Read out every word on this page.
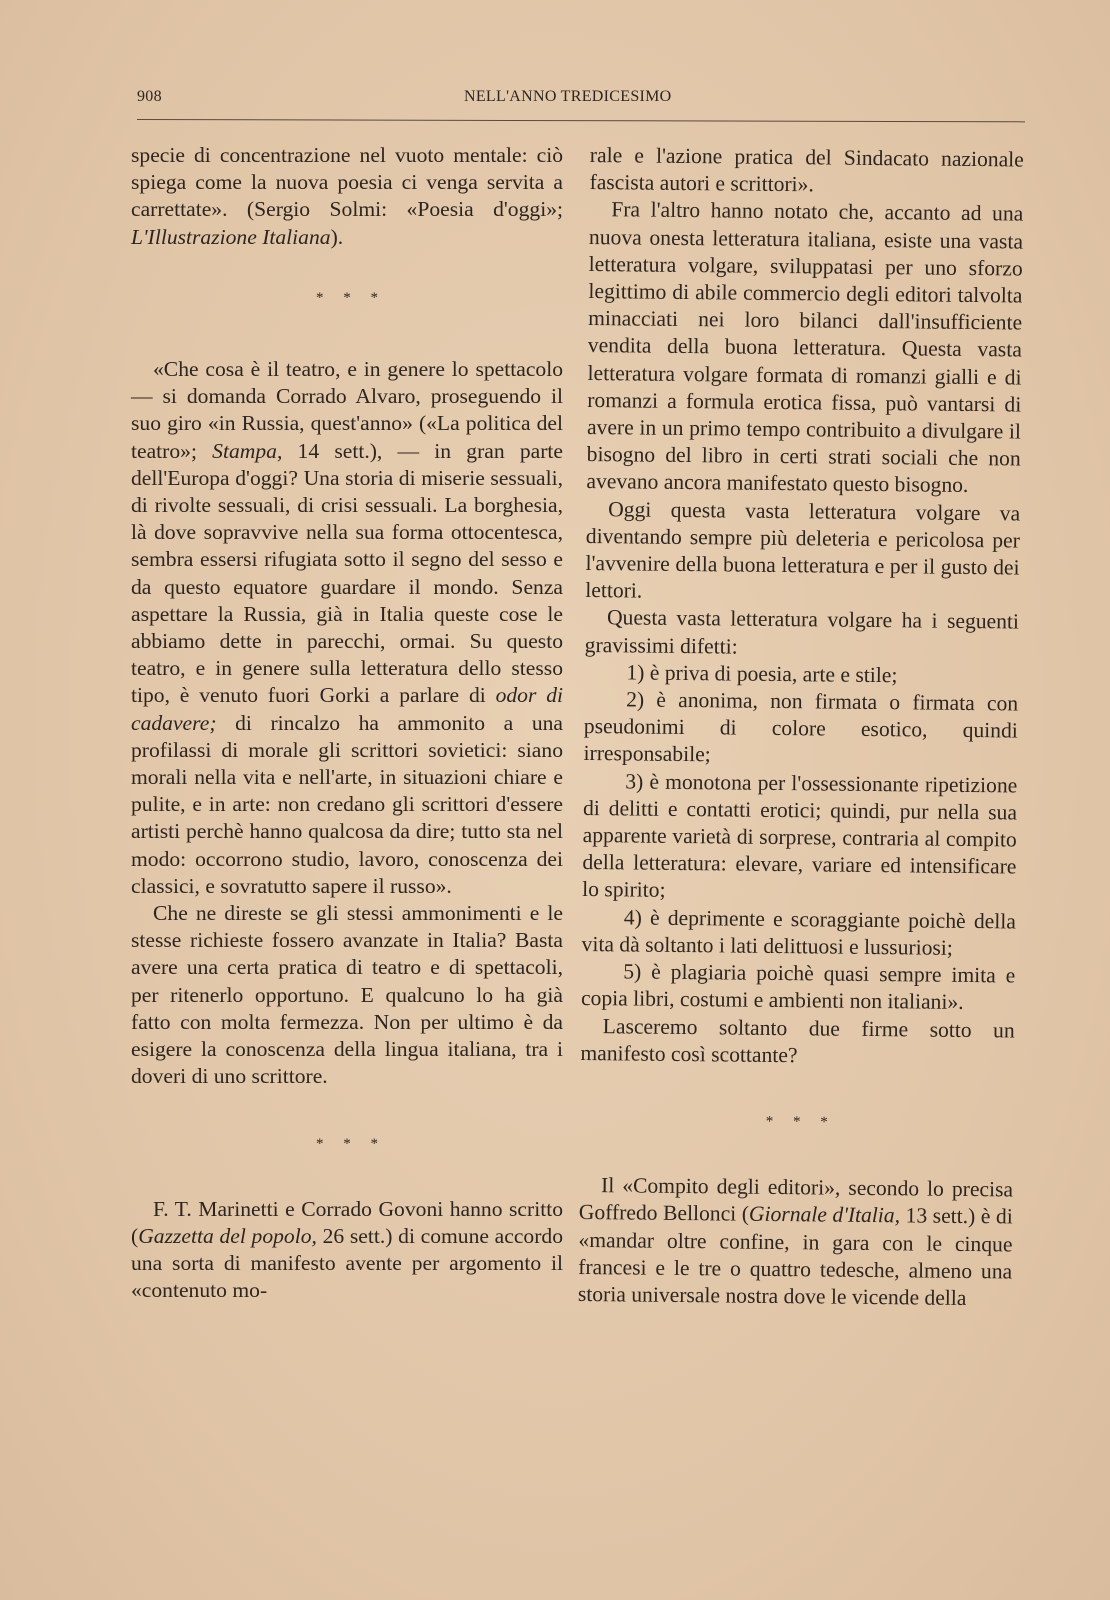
908	NELL'ANNO TREDICESIMO

specie di concentrazione nel vuoto mentale: ciò spiega come la nuova poesia ci venga servita a carrettate». (Sergio Solmi: «Poesia d'oggi»; L'Illustrazione Italiana).

* * *

«Che cosa è il teatro, e in genere lo spettacolo — si domanda Corrado Alvaro, proseguendo il suo giro «in Russia, quest'anno» («La politica del teatro»; Stampa, 14 sett.), — in gran parte dell'Europa d'oggi? Una storia di miserie sessuali, di rivolte sessuali, di crisi sessuali. La borghesia, là dove sopravvive nella sua forma ottocentesca, sembra essersi rifugiata sotto il segno del sesso e da questo equatore guardare il mondo. Senza aspettare la Russia, già in Italia queste cose le abbiamo dette in parecchi, ormai. Su questo teatro, e in genere sulla letteratura dello stesso tipo, è venuto fuori Gorki a parlare di odor di cadavere; di rincalzo ha ammonito a una profilassi di morale gli scrittori sovietici: siano morali nella vita e nell'arte, in situazioni chiare e pulite, e in arte: non credano gli scrittori d'essere artisti perchè hanno qualcosa da dire; tutto sta nel modo: occorrono studio, lavoro, conoscenza dei classici, e sovratutto sapere il russo».

Che ne direste se gli stessi ammonimenti e le stesse richieste fossero avanzate in Italia? Basta avere una certa pratica di teatro e di spettacoli, per ritenerlo opportuno. E qualcuno lo ha già fatto con molta fermezza. Non per ultimo è da esigere la conoscenza della lingua italiana, tra i doveri di uno scrittore.

* * *

F. T. Marinetti e Corrado Govoni hanno scritto (Gazzetta del popolo, 26 sett.) di comune accordo una sorta di manifesto avente per argomento il «contenuto mo-

rale e l'azione pratica del Sindacato nazionale fascista autori e scrittori».

Fra l'altro hanno notato che, accanto ad una nuova onesta letteratura italiana, esiste una vasta letteratura volgare, sviluppatasi per uno sforzo legittimo di abile commercio degli editori talvolta minacciati nei loro bilanci dall'insufficiente vendita della buona letteratura. Questa vasta letteratura volgare formata di romanzi gialli e di romanzi a formula erotica fissa, può vantarsi di avere in un primo tempo contribuito a divulgare il bisogno del libro in certi strati sociali che non avevano ancora manifestato questo bisogno.

Oggi questa vasta letteratura volgare va diventando sempre più deleteria e pericolosa per l'avvenire della buona letteratura e per il gusto dei lettori.

Questa vasta letteratura volgare ha i seguenti gravissimi difetti:

1) è priva di poesia, arte e stile;

2) è anonima, non firmata o firmata con pseudonimi di colore esotico, quindi irresponsabile;

3) è monotona per l'ossessionante ripetizione di delitti e contatti erotici; quindi, pur nella sua apparente varietà di sorprese, contraria al compito della letteratura: elevare, variare ed intensificare lo spirito;

4) è deprimente e scoraggiante poichè della vita dà soltanto i lati delittuosi e lussuriosi;

5) è plagiaria poichè quasi sempre imita e copia libri, costumi e ambienti non italiani».

Lasceremo soltanto due firme sotto un manifesto così scottante?

* * *

Il «Compito degli editori», secondo lo precisa Goffredo Bellonci (Giornale d'Italia, 13 sett.) è di «mandar oltre confine, in gara con le cinque francesi e le tre o quattro tedesche, almeno una storia universale nostra dove le vicende della
